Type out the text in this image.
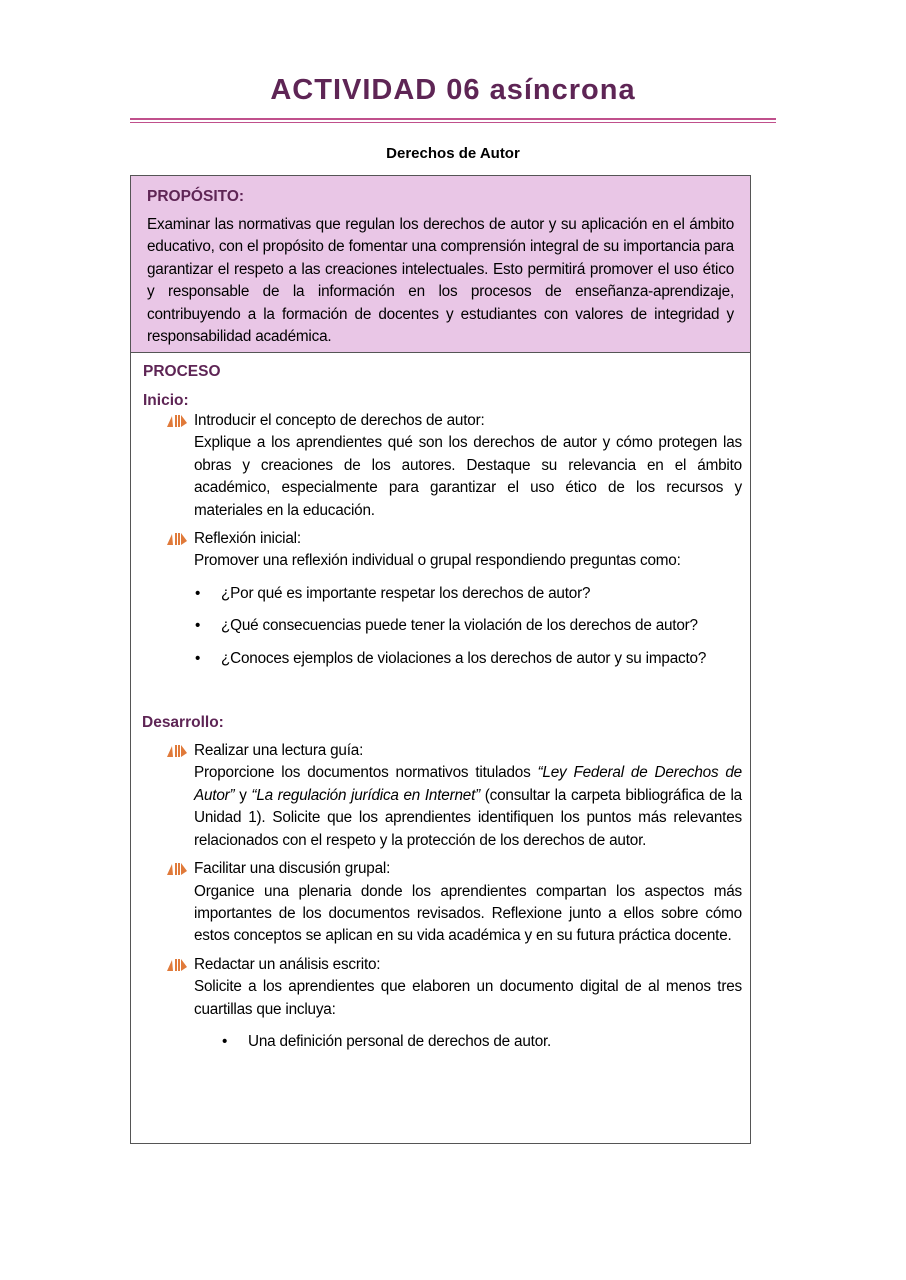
ACTIVIDAD 06 asíncrona
Derechos de Autor
PROPÓSITO:
Examinar las normativas que regulan los derechos de autor y su aplicación en el ámbito educativo, con el propósito de fomentar una comprensión integral de su importancia para garantizar el respeto a las creaciones intelectuales. Esto permitirá promover el uso ético y responsable de la información en los procesos de enseñanza-aprendizaje, contribuyendo a la formación de docentes y estudiantes con valores de integridad y responsabilidad académica.
PROCESO
Inicio:
Introducir el concepto de derechos de autor:
Explique a los aprendientes qué son los derechos de autor y cómo protegen las obras y creaciones de los autores. Destaque su relevancia en el ámbito académico, especialmente para garantizar el uso ético de los recursos y materiales en la educación.
Reflexión inicial:
Promover una reflexión individual o grupal respondiendo preguntas como:
• ¿Por qué es importante respetar los derechos de autor?
• ¿Qué consecuencias puede tener la violación de los derechos de autor?
• ¿Conoces ejemplos de violaciones a los derechos de autor y su impacto?
Desarrollo:
Realizar una lectura guía:
Proporcione los documentos normativos titulados “Ley Federal de Derechos de Autor” y “La regulación jurídica en Internet” (consultar la carpeta bibliográfica de la Unidad 1). Solicite que los aprendientes identifiquen los puntos más relevantes relacionados con el respeto y la protección de los derechos de autor.
Facilitar una discusión grupal:
Organice una plenaria donde los aprendientes compartan los aspectos más importantes de los documentos revisados. Reflexione junto a ellos sobre cómo estos conceptos se aplican en su vida académica y en su futura práctica docente.
Redactar un análisis escrito:
Solicite a los aprendientes que elaboren un documento digital de al menos tres cuartillas que incluya:
• Una definición personal de derechos de autor.
